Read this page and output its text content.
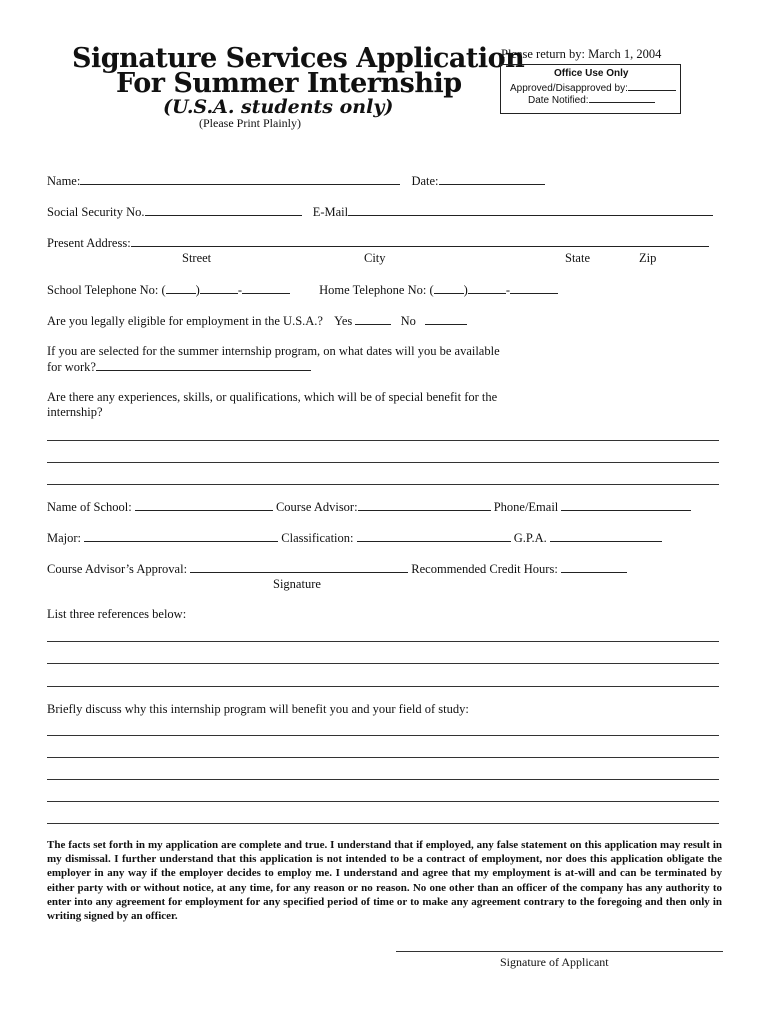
Signature Services Application
For Summer Internship
(U.S.A. students only)
(Please Print Plainly)
Please return by: March 1, 2004
Office Use Only
Approved/Disapproved by:
Date Notified:
Name:	Date:
Social Security No.	E-Mail
Present Address:
Street	City	State	Zip
School Telephone No: ( )	-	Home Telephone No: ( )	-
Are you legally eligible for employment in the U.S.A.? Yes	No
If you are selected for the summer internship program, on what dates will you be available
for work?
Are there any experiences, skills, or qualifications, which will be of special benefit for the
internship?
Name of School:	Course Advisor:	Phone/Email
Major:	Classification:	G.P.A.
Course Advisor’s Approval:	Recommended Credit Hours:
Signature
List three references below:
Briefly discuss why this internship program will benefit you and your field of study:
The facts set forth in my application are complete and true. I understand that if employed, any false statement on this application may result in my dismissal. I further understand that this application is not intended to be a contract of employment, nor does this application obligate the employer in any way if the employer decides to employ me. I understand and agree that my employment is at-will and can be terminated by either party with or without notice, at any time, for any reason or no reason. No one other than an officer of the company has any authority to enter into any agreement for employment for any specified period of time or to make any agreement contrary to the foregoing and then only in writing signed by an officer.
Signature of Applicant
